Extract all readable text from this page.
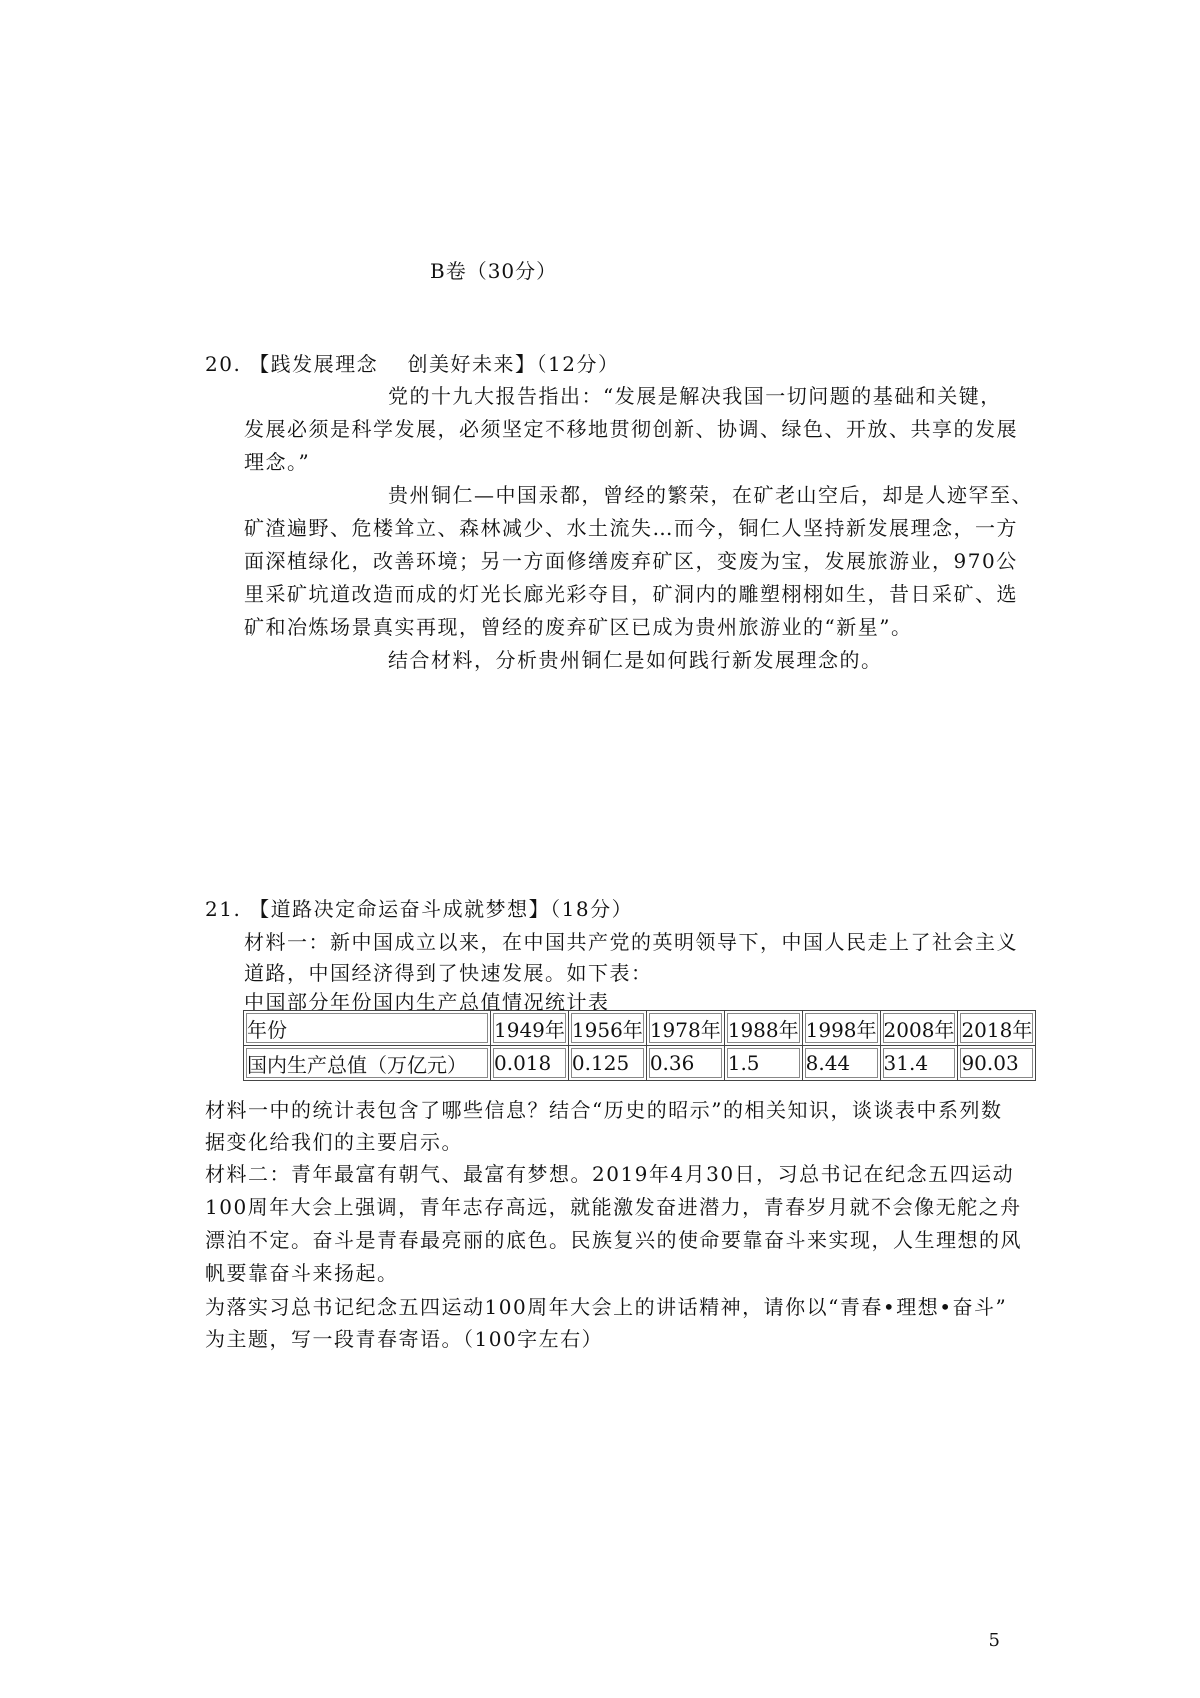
B卷（30分）
20. 【践发展理念　 创美好未来】（12分）
党的十九大报告指出：“发展是解决我国一切问题的基础和关键，
发展必须是科学发展，必须坚定不移地贯彻创新、协调、绿色、开放、共享的发展
理念。”
贵州铜仁—中国汞都，曾经的繁荣，在矿老山空后，却是人迹罕至、
矿渣遍野、危楼耸立、森林减少、水土流失…而今，铜仁人坚持新发展理念，一方
面深植绿化，改善环境；另一方面修缮废弃矿区，变废为宝，发展旅游业，970公
里采矿坑道改造而成的灯光长廊光彩夺目，矿洞内的雕塑栩栩如生，昔日采矿、选
矿和冶炼场景真实再现，曾经的废弃矿区已成为贵州旅游业的“新星”。
结合材料，分析贵州铜仁是如何践行新发展理念的。
21. 【道路决定命运奋斗成就梦想】（18分）
材料一：新中国成立以来，在中国共产党的英明领导下，中国人民走上了社会主义
道路，中国经济得到了快速发展。如下表：
中国部分年份国内生产总值情况统计表
年份	1949年	1956年	1978年	1988年	1998年	2008年	2018年
国内生产总值（万亿元）	0.018	0.125	0.36	1.5	8.44	31.4	90.03
材料一中的统计表包含了哪些信息？结合“历史的昭示”的相关知识，谈谈表中系列数
据变化给我们的主要启示。
材料二：青年最富有朝气、最富有梦想。2019年4月30日，习总书记在纪念五四运动
100周年大会上强调，青年志存高远，就能激发奋进潜力，青春岁月就不会像无舵之舟
漂泊不定。奋斗是青春最亮丽的底色。民族复兴的使命要靠奋斗来实现，人生理想的风
帆要靠奋斗来扬起。
为落实习总书记纪念五四运动100周年大会上的讲话精神，请你以“青春•理想•奋斗”
为主题，写一段青春寄语。（100字左右）
5
